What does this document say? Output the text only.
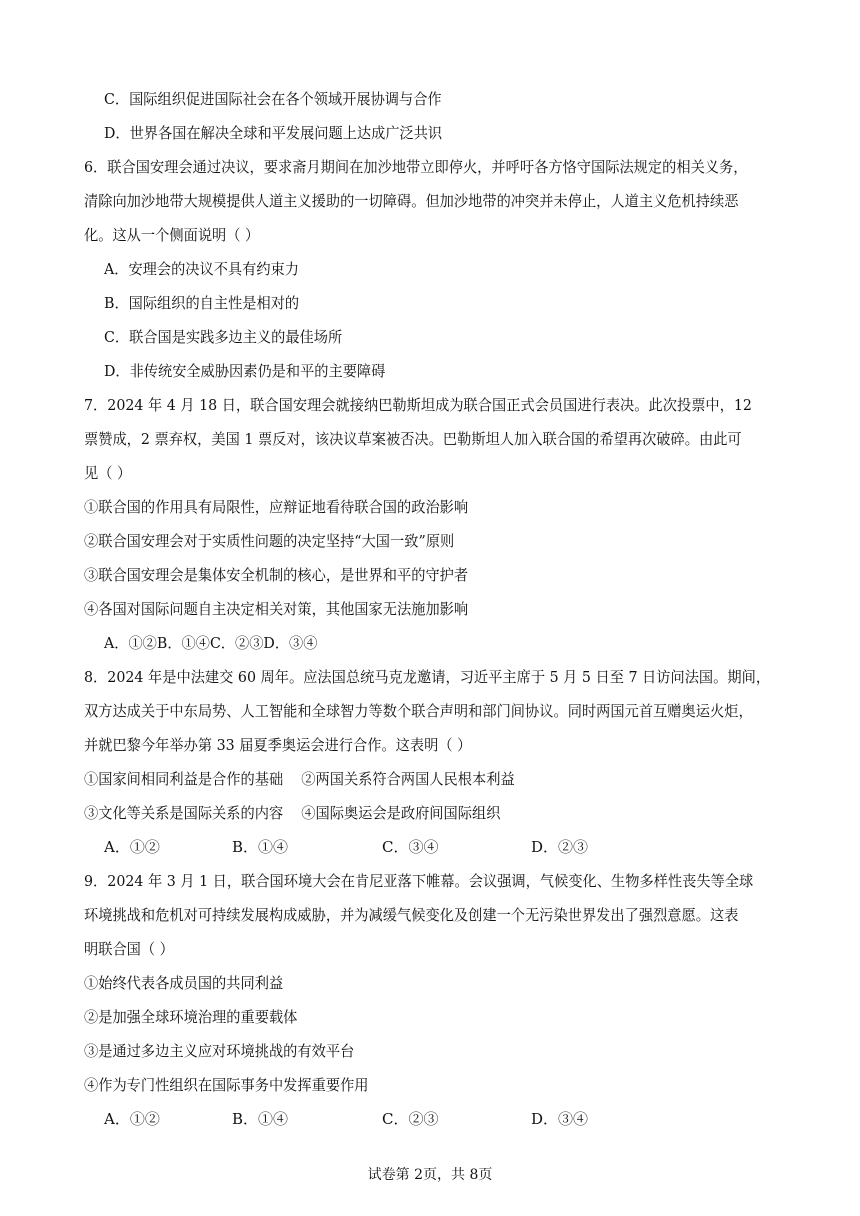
C．国际组织促进国际社会在各个领域开展协调与合作
D．世界各国在解决全球和平发展问题上达成广泛共识
6．联合国安理会通过决议，要求斋月期间在加沙地带立即停火，并呼吁各方恪守国际法规定的相关义务，
清除向加沙地带大规模提供人道主义援助的一切障碍。但加沙地带的冲突并未停止，人道主义危机持续恶
化。这从一个侧面说明（ ）
A．安理会的决议不具有约束力
B．国际组织的自主性是相对的
C．联合国是实践多边主义的最佳场所
D．非传统安全威胁因素仍是和平的主要障碍
7．2024 年 4 月 18 日，联合国安理会就接纳巴勒斯坦成为联合国正式会员国进行表决。此次投票中，12
票赞成，2 票弃权，美国 1 票反对，该决议草案被否决。巴勒斯坦人加入联合国的希望再次破碎。由此可
见（ ）
①联合国的作用具有局限性，应辩证地看待联合国的政治影响
②联合国安理会对于实质性问题的决定坚持“大国一致”原则
③联合国安理会是集体安全机制的核心，是世界和平的守护者
④各国对国际问题自主决定相关对策，其他国家无法施加影响
A．①②B．①④C．②③D．③④
8．2024 年是中法建交 60 周年。应法国总统马克龙邀请，习近平主席于 5 月 5 日至 7 日访问法国。期间，
双方达成关于中东局势、人工智能和全球智力等数个联合声明和部门间协议。同时两国元首互赠奥运火炬，
并就巴黎今年举办第 33 届夏季奥运会进行合作。这表明（ ）
①国家间相同利益是合作的基础    ②两国关系符合两国人民根本利益
③文化等关系是国际关系的内容    ④国际奥运会是政府间国际组织
A．①②	B．①④	C．③④	D．②③
9．2024 年 3 月 1 日，联合国环境大会在肯尼亚落下帷幕。会议强调，气候变化、生物多样性丧失等全球
环境挑战和危机对可持续发展构成威胁，并为减缓气候变化及创建一个无污染世界发出了强烈意愿。这表
明联合国（ ）
①始终代表各成员国的共同利益
②是加强全球环境治理的重要载体
③是通过多边主义应对环境挑战的有效平台
④作为专门性组织在国际事务中发挥重要作用
A．①②	B．①④	C．②③	D．③④
试卷第 2页，共 8页
